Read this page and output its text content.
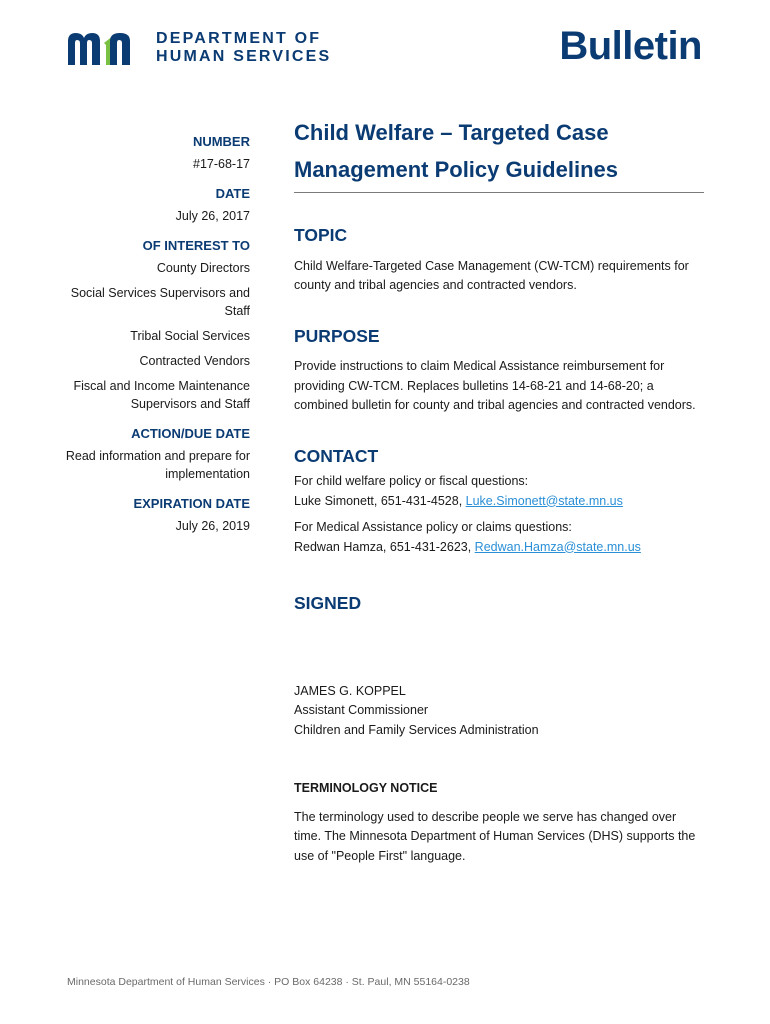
DEPARTMENT OF
HUMAN SERVICES	Bulletin
NUMBER
#17-68-17
DATE
July 26, 2017
OF INTEREST TO
County Directors
Social Services Supervisors and Staff
Tribal Social Services
Contracted Vendors
Fiscal and Income Maintenance Supervisors and Staff
ACTION/DUE DATE
Read information and prepare for implementation
EXPIRATION DATE
July 26, 2019
Child Welfare – Targeted Case Management Policy Guidelines
TOPIC

Child Welfare-Targeted Case Management (CW-TCM) requirements for county and tribal agencies and contracted vendors.

PURPOSE

Provide instructions to claim Medical Assistance reimbursement for providing CW-TCM. Replaces bulletins 14-68-21 and 14-68-20; a combined bulletin for county and tribal agencies and contracted vendors.

CONTACT

For child welfare policy or fiscal questions:

Luke Simonett, 651-431-4528, Luke.Simonett@state.mn.us

For Medical Assistance policy or claims questions:

Redwan Hamza, 651-431-2623, Redwan.Hamza@state.mn.us

SIGNED

JAMES G. KOPPEL

Assistant Commissioner

Children and Family Services Administration

TERMINOLOGY NOTICE

The terminology used to describe people we serve has changed over time. The Minnesota Department of Human Services (DHS) supports the use of "People First" language.

Minnesota Department of Human Services · PO Box 64238 · St. Paul, MN 55164-0238
